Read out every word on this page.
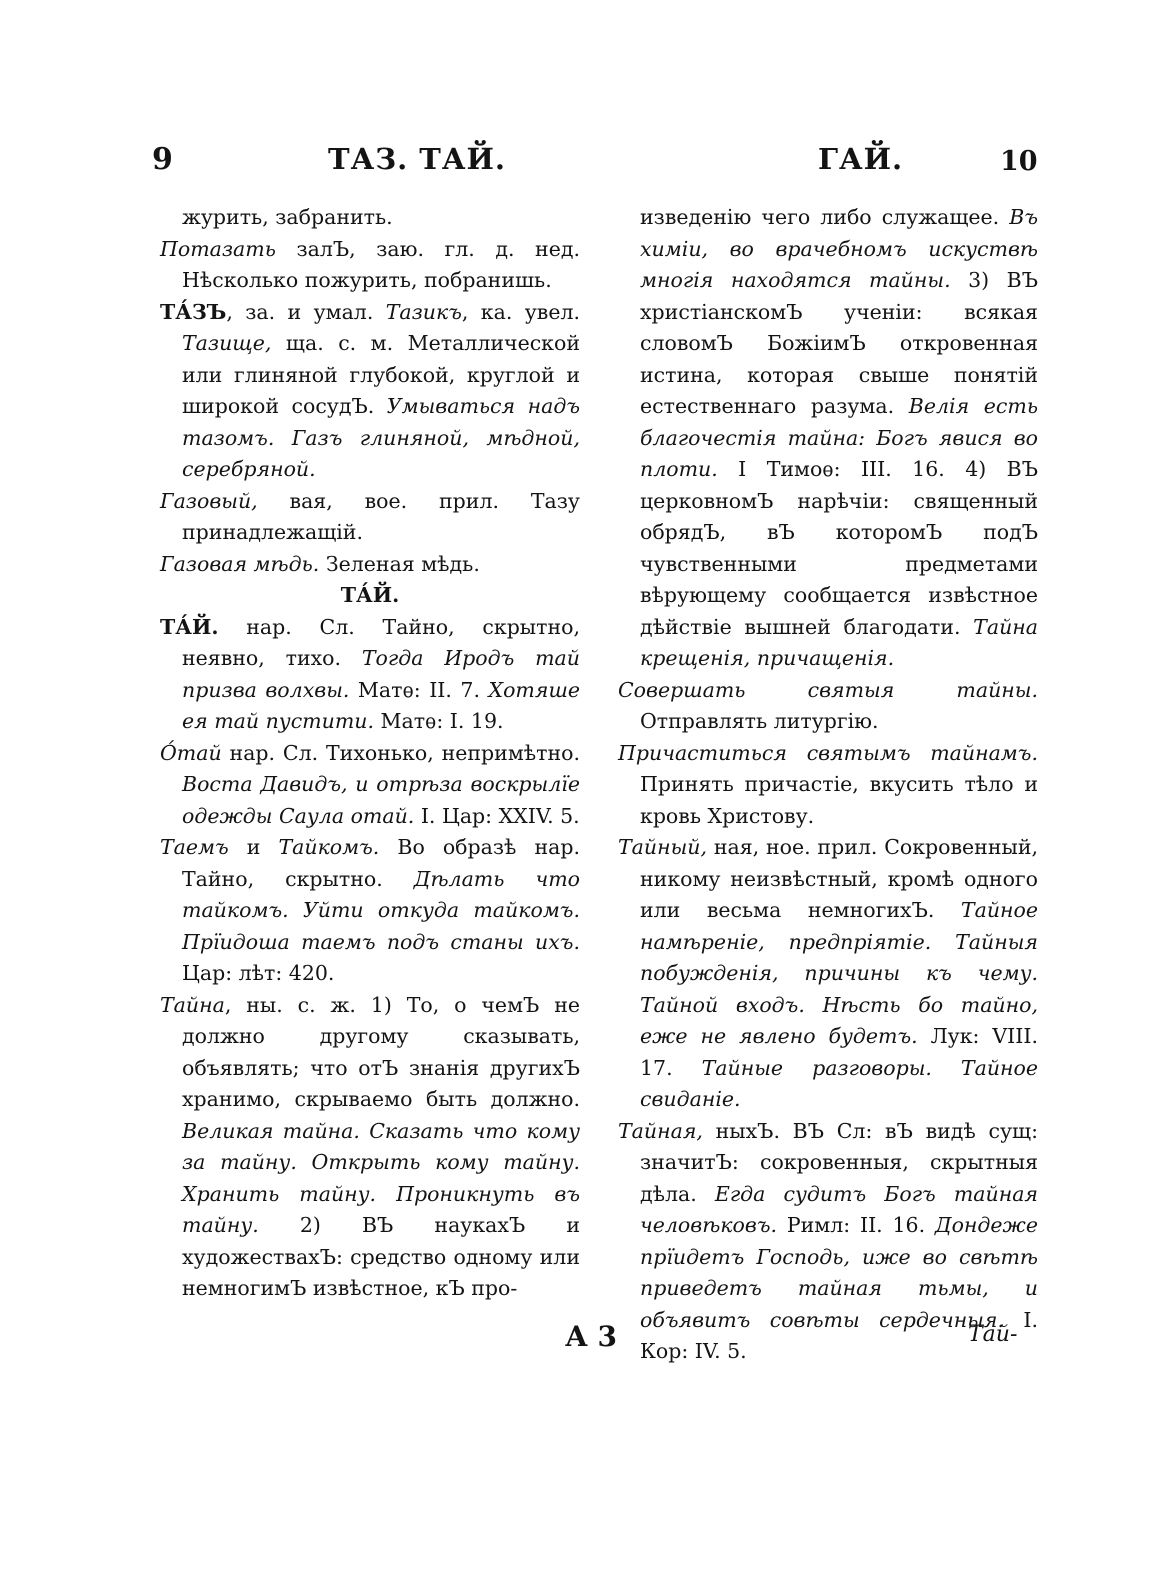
9	ТАЗ. ТАЙ.	ГАЙ.	10

журить, забранить.

Потазать залЪ, заю. гл. д. нед. Нѣсколько пожурить, побранишь.

ТА́ЗЪ, за. и умал. Тазикъ, ка. увел. Тазище, ща. с. м. Металлической или глиняной глубокой, круглой и широкой сосудЪ. Умываться надъ тазомъ. Газъ глиняной, мѣдной, серебряной.

Газовый, вая, вое. прил. Тазу принадлежащій.

Газовая мѣдь. Зеленая мѣдь.

ТА́Й.

ТА́Й. нар. Сл. Тайно, скрытно, неявно, тихо. Тогда Иродъ тай призва волхвы. Матѳ: II. 7. Хотяше ея тай пустити. Матѳ: I. 19.

О́тай нар. Сл. Тихонько, непримѣтно. Воста Давидъ, и отрѣза воскрылїе одежды Саула отай. I. Цар: XXIV. 5.

Таемъ и Тайкомъ. Во образѣ нар. Тайно, скрытно. Дѣлать что тайкомъ. Уйти откуда тайкомъ. Прїидоша таемъ подъ станы ихъ. Цар: лѣт: 420.

Тайна, ны. с. ж. 1) То, о чемЪ не должно другому сказывать, объявлять; что отЪ знанія другихЪ хранимо, скрываемо быть должно. Великая тайна. Сказать что кому за тайну. Открыть кому тайну. Хранить тайну. Проникнуть въ тайну. 2) ВЪ наукахЪ и художествахЪ: средство одному или немногимЪ извѣстное, кЪ про-

изведенію чего либо служащее. Въ химіи, во врачебномъ искуствѣ многія находятся тайны. 3) ВЪ христіанскомЪ ученіи: всякая словомЪ БожіимЪ откровенная истина, которая свыше понятій естественнаго разума. Велія есть благочестія тайна: Богъ явися во плоти. I Тимоѳ: III. 16. 4) ВЪ церковномЪ нарѣчіи: священный обрядЪ, вЪ которомЪ подЪ чувственными предметами вѣрующему сообщается извѣстное дѣйствіе вышней благодати. Тайна крещенія, причащенія.

Совершать святыя тайны. Отправлять литургію.

Причаститься святымъ тайнамъ. Принять причастіе, вкусить тѣло и кровь Христову.

Тайный, ная, ное. прил. Сокровенный, никому неизвѣстный, кромѣ одного или весьма немногихЪ. Тайное намѣреніе, предпріятіе. Тайныя побужденія, причины къ чему. Тайной входъ. Нѣсть бо тайно, еже не явлено будетъ. Лук: VIII. 17. Тайные разговоры. Тайное свиданіе.

Тайная, ныхЪ. ВЪ Сл: вЪ видѣ сущ: значитЪ: сокровенныя, скрытныя дѣла. Егда судитъ Богъ тайная человѣковъ. Римл: II. 16. Дондеже прїидетъ Господь, иже во свѣтѣ приведетъ тайная тьмы, и объявитъ совѣты сердечныя. I. Кор: IV. 5.

А 3	Тай-
